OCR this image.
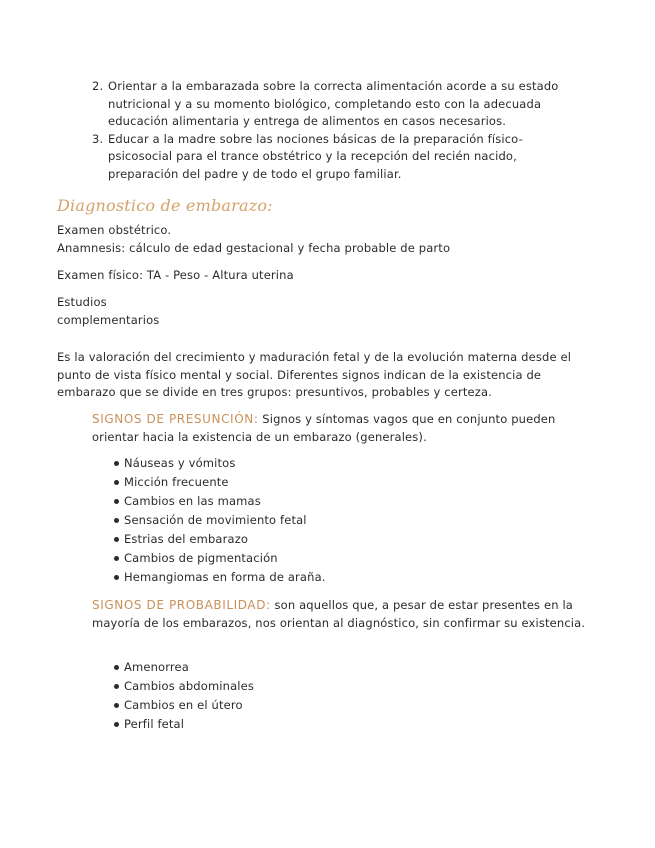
2. Orientar a la embarazada sobre la correcta alimentación acorde a su estado nutricional y a su momento biológico, completando esto con la adecuada educación alimentaria y entrega de alimentos en casos necesarios.
3. Educar a la madre sobre las nociones básicas de la preparación físico-psicosocial para el trance obstétrico y la recepción del recién nacido, preparación del padre y de todo el grupo familiar.
Diagnostico de embarazo:
Examen obstétrico.
Anamnesis: cálculo de edad gestacional y fecha probable de parto
Examen físico: TA - Peso - Altura uterina
Estudios
complementarios
Es la valoración del crecimiento y maduración fetal y de la evolución materna desde el punto de vista físico mental y social. Diferentes signos indican de la existencia de embarazo que se divide en tres grupos: presuntivos, probables y certeza.
SIGNOS DE PRESUNCIÓN: Signos y síntomas vagos que en conjunto pueden orientar hacia la existencia de un embarazo (generales).
Náuseas y vómitos
Micción frecuente
Cambios en las mamas
Sensación de movimiento fetal
Estrias del embarazo
Cambios de pigmentación
Hemangiomas en forma de araña.
SIGNOS DE PROBABILIDAD: son aquellos que, a pesar de estar presentes en la mayoría de los embarazos, nos orientan al diagnóstico, sin confirmar su existencia.
Amenorrea
Cambios abdominales
Cambios en el útero
Perfil fetal
